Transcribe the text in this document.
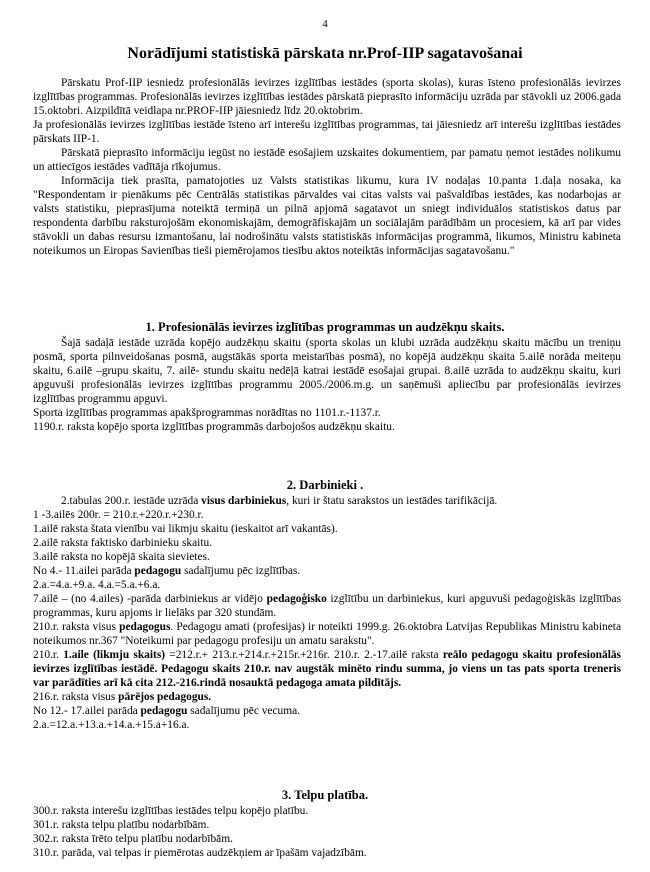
4
Norādījumi statistiskā pārskata nr.Prof-IIP sagatavošanai

Pārskatu Prof-IIP iesniedz profesionālās ievirzes izglītības iestādes (sporta skolas), kuras īsteno profesionālās ievirzes izglītības programmas. Profesionālās ievirzes izglītības iestādes pārskatā pieprasīto informāciju uzrāda par stāvokli uz 2006.gada 15.oktobri. Aizpildītā veidlapa nr.PROF-IIP jāiesniedz līdz 20.oktobrim.

Ja profesionālās ievirzes izglītības iestāde īsteno arī interešu izglītības programmas, tai jāiesniedz arī interešu izglītības iestādes pārskats IIP-1.

Pārskatā pieprasīto informāciju iegūst no iestādē esošajiem uzskaites dokumentiem, par pamatu ņemot iestādes nolikumu un attiecīgos iestādes vadītāja rīkojumus.

Informācija tiek prasīta, pamatojoties uz Valsts statistikas likumu, kura IV nodaļas 10.panta 1.daļa nosaka, ka "Respondentam ir pienākums pēc Centrālās statistikas pārvaldes vai citas valsts vai pašvaldības iestādes, kas nodarbojas ar valsts statistiku, pieprasījuma noteiktā termiņā un pilnā apjomā sagatavot un sniegt individuālos statistiskos datus par respondenta darbību raksturojošām ekonomiskajām, demogrāfiskajām un sociālajām parādībām un procesiem, kā arī par vides stāvokli un dabas resursu izmantošanu, lai nodrošinātu valsts statistiskās informācijas programmā, likumos, Ministru kabineta noteikumos un Eiropas Savienības tieši piemērojamos tiesību aktos noteiktās informācijas sagatavošanu."

1. Profesionālās ievirzes izglītības programmas un audzēkņu skaits.

Šajā sadaļā iestāde uzrāda kopējo audzēkņu skaitu (sporta skolas un klubi uzrāda audzēkņu skaitu mācību un treniņu posmā, sporta pilnveidošanas posmā, augstākās sporta meistarības posmā), no kopējā audzēkņu skaita 5.ailē norāda meiteņu skaitu, 6.ailē –grupu skaitu, 7. ailē- stundu skaitu nedēļā katrai iestādē esošajai grupai. 8.ailē uzrāda to audzēkņu skaitu, kuri apguvuši profesionālās ievirzes izglītības programmu 2005./2006.m.g. un saņēmuši apliecību par profesionālās ievirzes izglītības programmu apguvi.

Sporta izglītības programmas apakšprogrammas norādītas no 1101.r.-1137.r.

1190.r. raksta kopējo sporta izglītības programmās darbojošos audzēkņu skaitu.

2. Darbinieki .

2.tabulas 200.r. iestāde uzrāda visus darbiniekus, kuri ir štatu sarakstos un iestādes tarifikācijā.

1 -3.ailēs 200r. = 210.r.+220.r.+230.r.

1.ailē raksta štata vienību vai likmju skaitu (ieskaitot arī vakantās).

2.ailē raksta faktisko darbinieku skaitu.

3.ailē raksta no kopējā skaita sievietes.

No 4.- 11.ailei parāda pedagogu sadalījumu pēc izglītības.

2.a.=4.a.+9.a. 4.a.=5.a.+6.a.

7.ailē – (no 4.ailes) -parāda darbiniekus ar vidējo pedagoģisko izglītību un darbiniekus, kuri apguvuši pedagoģiskās izglītības programmas, kuru apjoms ir lielāks par 320 stundām.

210.r. raksta visus pedagogus. Pedagogu amati (profesijas) ir noteikti 1999.g. 26.oktobra Latvijas Republikas Ministru kabineta noteikumos nr.367 "Noteikumi par pedagogu profesiju un amatu sarakstu".

210.r. 1.aile (likmju skaits) =212.r.+ 213.r.+214.r.+215r.+216r. 210.r. 2.-17.ailē raksta reālo pedagogu skaitu profesionālās ievirzes izglītības iestādē. Pedagogu skaits 210.r. nav augstāk minēto rindu summa, jo viens un tas pats sporta treneris var parādīties arī kā cita 212.-216.rindā nosauktā pedagoga amata pildītājs.

216.r. raksta visus pārējos pedagogus.

No 12.- 17.ailei parāda pedagogu sadalījumu pēc vecuma.

2.a.=12.a.+13.a.+14.a.+15.a+16.a.

3. Telpu platība.

300.r. raksta interešu izglītības iestādes telpu kopējo platību.

301.r. raksta telpu platību nodarbībām.

302.r. raksta īrēto telpu platību nodarbībām.

310.r. parāda, vai telpas ir piemērotas audzēkņiem ar īpašām vajadzībām.
